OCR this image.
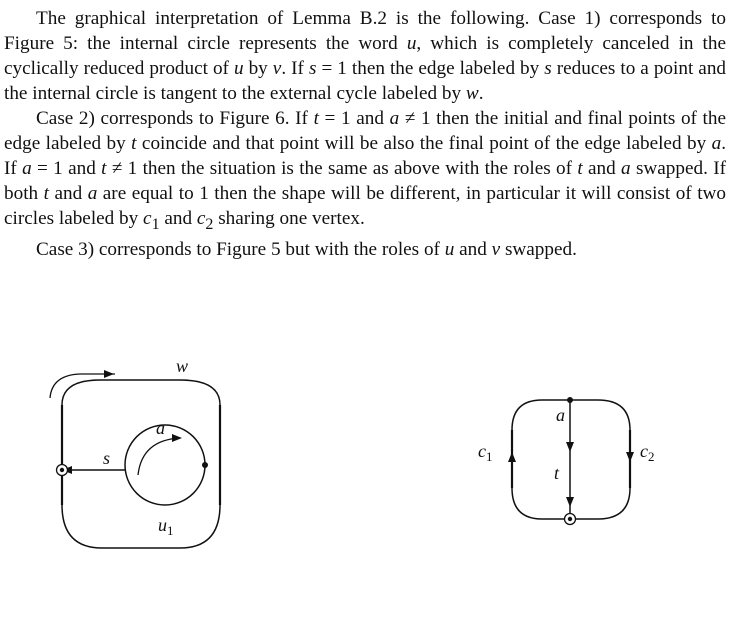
The graphical interpretation of Lemma B.2 is the following. Case 1) corresponds to Figure 5: the internal circle represents the word u, which is completely canceled in the cyclically reduced product of u by v. If s = 1 then the edge labeled by s reduces to a point and the internal circle is tangent to the external cycle labeled by w.

Case 2) corresponds to Figure 6. If t = 1 and a ≠ 1 then the initial and final points of the edge labeled by t coincide and that point will be also the final point of the edge labeled by a. If a = 1 and t ≠ 1 then the situation is the same as above with the roles of t and a swapped. If both t and a are equal to 1 then the shape will be different, in particular it will consist of two circles labeled by $c_1$ and $c_2$ sharing one vertex.

Case 3) corresponds to Figure 5 but with the roles of u and v swapped.

w
a
s
$u_1$
a
t
$c_1$	$c_2$
